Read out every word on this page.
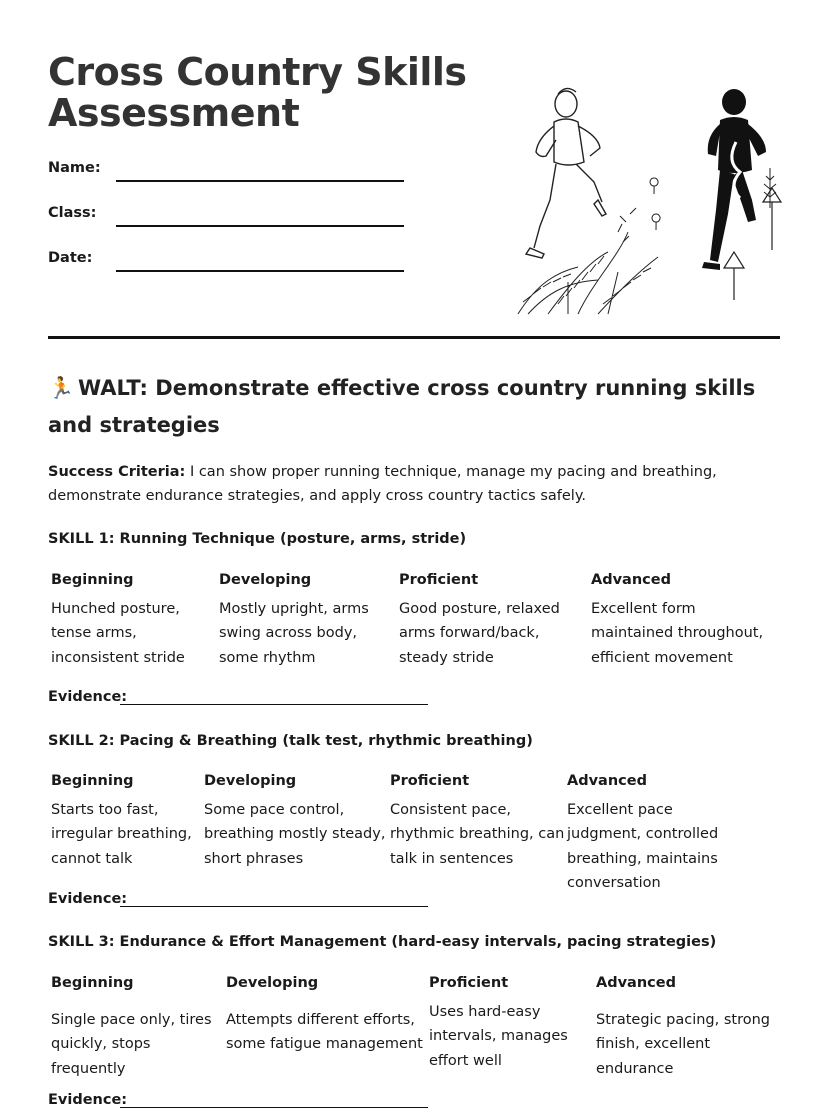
Cross Country Skills
Assessment
Name:
Class:
Date:
🏃 WALT: Demonstrate effective cross country running skills and strategies
Success Criteria: I can show proper running technique, manage my pacing and breathing, demonstrate endurance strategies, and apply cross country tactics safely.
SKILL 1: Running Technique (posture, arms, stride)
Beginning
Hunched posture, tense arms, inconsistent stride
Developing
Mostly upright, arms swing across body, some rhythm
Proficient
Good posture, relaxed arms forward/back, steady stride
Advanced
Excellent form maintained throughout, efficient movement
Evidence:
SKILL 2: Pacing & Breathing (talk test, rhythmic breathing)
Beginning
Starts too fast, irregular breathing, cannot talk
Developing
Some pace control, breathing mostly steady, short phrases
Proficient
Consistent pace, rhythmic breathing, can talk in sentences
Advanced
Excellent pace judgment, controlled breathing, maintains conversation
Evidence:
SKILL 3: Endurance & Effort Management (hard-easy intervals, pacing strategies)
Beginning
Single pace only, tires quickly, stops frequently
Developing
Attempts different efforts, some fatigue management
Proficient
Uses hard-easy intervals, manages effort well
Advanced
Strategic pacing, strong finish, excellent endurance
Evidence:
